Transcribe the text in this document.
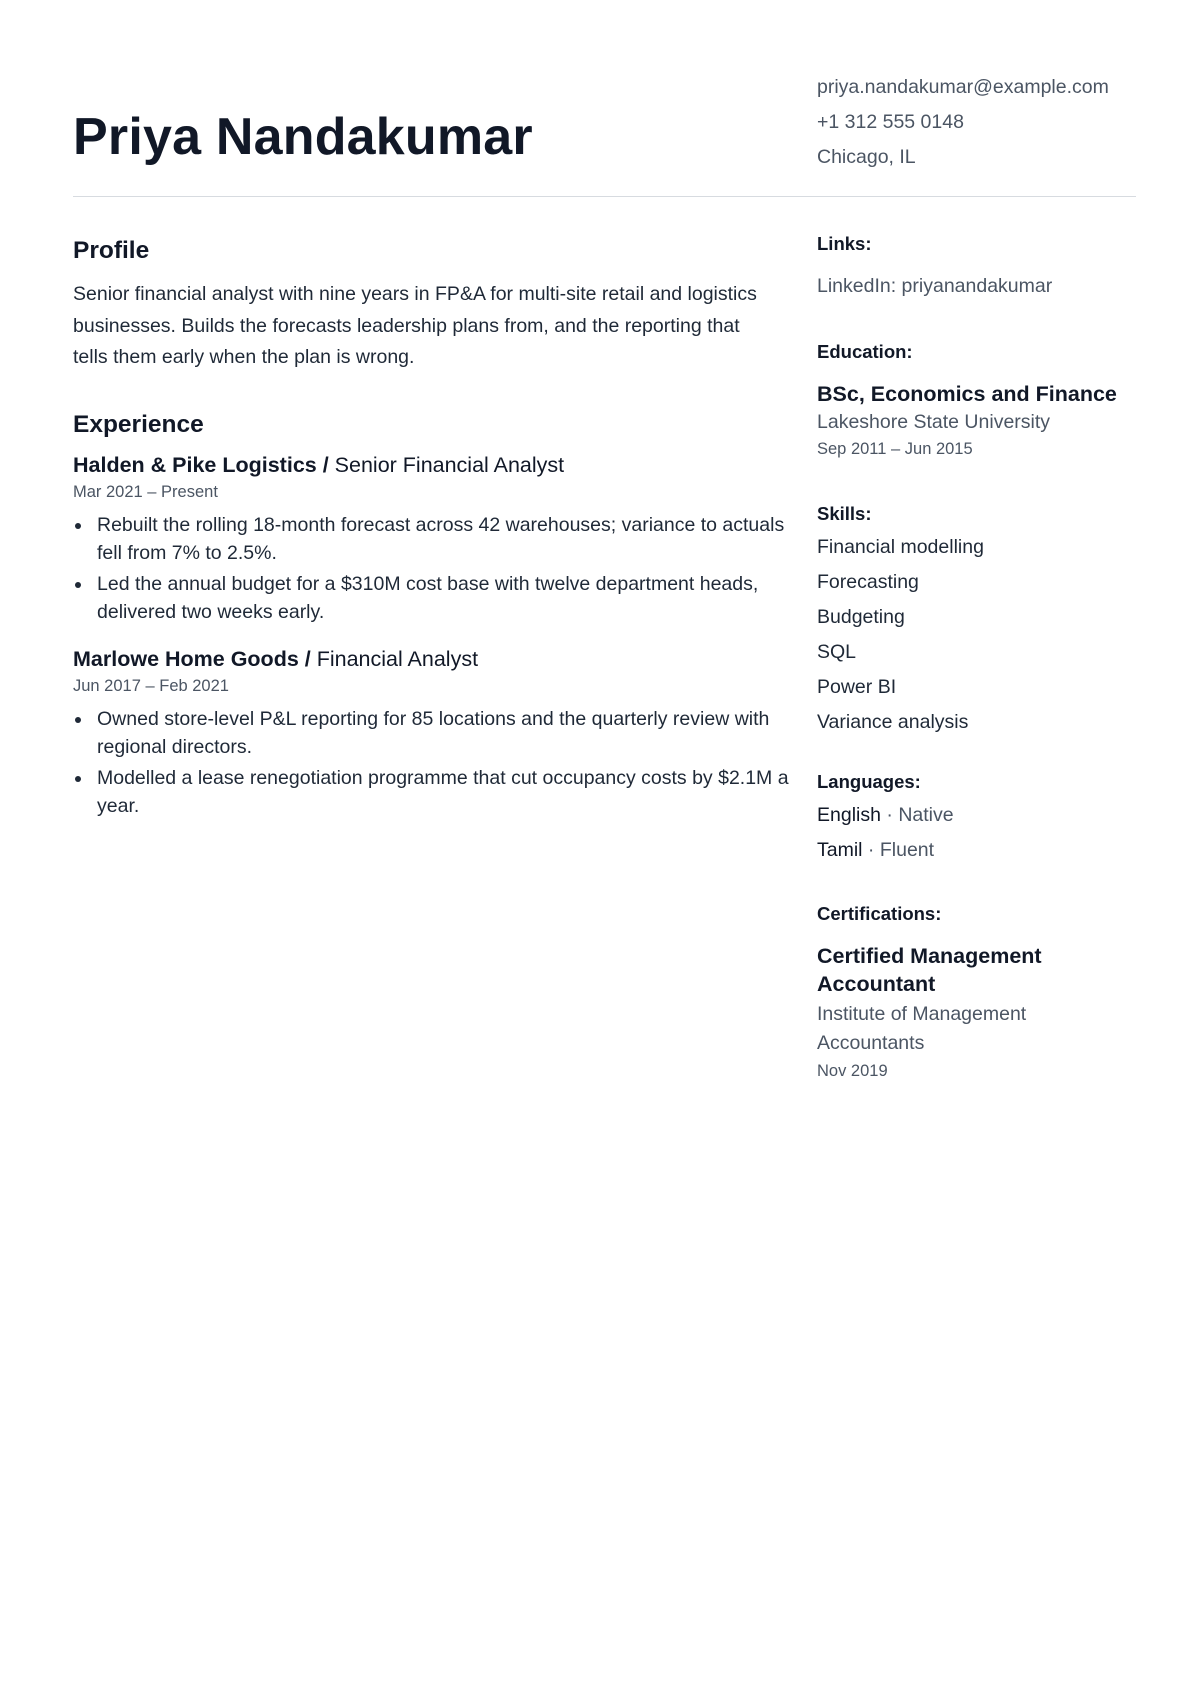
Priya Nandakumar
priya.nandakumar@example.com
+1 312 555 0148
Chicago, IL
Profile

Senior financial analyst with nine years in FP&A for multi-site retail and logistics businesses. Builds the forecasts leadership plans from, and the reporting that tells them early when the plan is wrong.

Experience
Halden & Pike Logistics / Senior Financial Analyst
Mar 2021 – Present
Rebuilt the rolling 18-month forecast across 42 warehouses; variance to actuals fell from 7% to 2.5%.
Led the annual budget for a $310M cost base with twelve department heads, delivered two weeks early.
Marlowe Home Goods / Financial Analyst
Jun 2017 – Feb 2021
Owned store-level P&L reporting for 85 locations and the quarterly review with regional directors.
Modelled a lease renegotiation programme that cut occupancy costs by $2.1M a year.
Links:
LinkedIn: priyanandakumar
Education:
BSc, Economics and Finance
Lakeshore State University
Sep 2011 – Jun 2015
Skills:
Financial modelling
Forecasting
Budgeting
SQL
Power BI
Variance analysis
Languages:
English · Native
Tamil · Fluent
Certifications:
Certified Management Accountant
Institute of Management Accountants
Nov 2019
